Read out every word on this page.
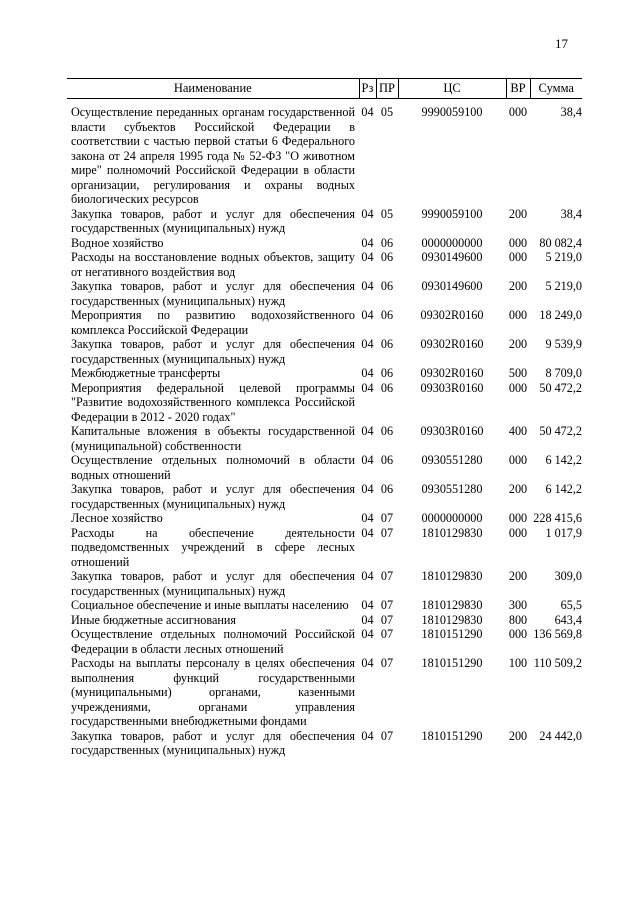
17
Наименование	Рз	ПР	ЦС	ВР	Сумма
Осуществление переданных органам государственной власти субъектов Российской Федерации в соответствии с частью первой статьи 6 Федерального закона от 24 апреля 1995 года № 52-ФЗ "О животном мире" полномочий Российской Федерации в области организации, регулирования и охраны водных биологических ресурсов	04	05	9990059100	000	38,4
Закупка товаров, работ и услуг для обеспечения государственных (муниципальных) нужд	04	05	9990059100	200	38,4
Водное хозяйство	04	06	0000000000	000	80 082,4
Расходы на восстановление водных объектов, защиту от негативного воздействия вод	04	06	0930149600	000	5 219,0
Закупка товаров, работ и услуг для обеспечения государственных (муниципальных) нужд	04	06	0930149600	200	5 219,0
Мероприятия по развитию водохозяйственного комплекса Российской Федерации	04	06	09302R0160	000	18 249,0
Закупка товаров, работ и услуг для обеспечения государственных (муниципальных) нужд	04	06	09302R0160	200	9 539,9
Межбюджетные трансферты	04	06	09302R0160	500	8 709,0
Мероприятия федеральной целевой программы "Развитие водохозяйственного комплекса Российской Федерации в 2012 - 2020 годах"	04	06	09303R0160	000	50 472,2
Капитальные вложения в объекты государственной (муниципальной) собственности	04	06	09303R0160	400	50 472,2
Осуществление отдельных полномочий в области водных отношений	04	06	0930551280	000	6 142,2
Закупка товаров, работ и услуг для обеспечения государственных (муниципальных) нужд	04	06	0930551280	200	6 142,2
Лесное хозяйство	04	07	0000000000	000	228 415,6
Расходы на обеспечение деятельности подведомственных учреждений в сфере лесных отношений	04	07	1810129830	000	1 017,9
Закупка товаров, работ и услуг для обеспечения государственных (муниципальных) нужд	04	07	1810129830	200	309,0
Социальное обеспечение и иные выплаты населению	04	07	1810129830	300	65,5
Иные бюджетные ассигнования	04	07	1810129830	800	643,4
Осуществление отдельных полномочий Российской Федерации в области лесных отношений	04	07	1810151290	000	136 569,8
Расходы на выплаты персоналу в целях обеспечения выполнения функций государственными (муниципальными) органами, казенными учреждениями, органами управления государственными внебюджетными фондами	04	07	1810151290	100	110 509,2
Закупка товаров, работ и услуг для обеспечения государственных (муниципальных) нужд	04	07	1810151290	200	24 442,0
